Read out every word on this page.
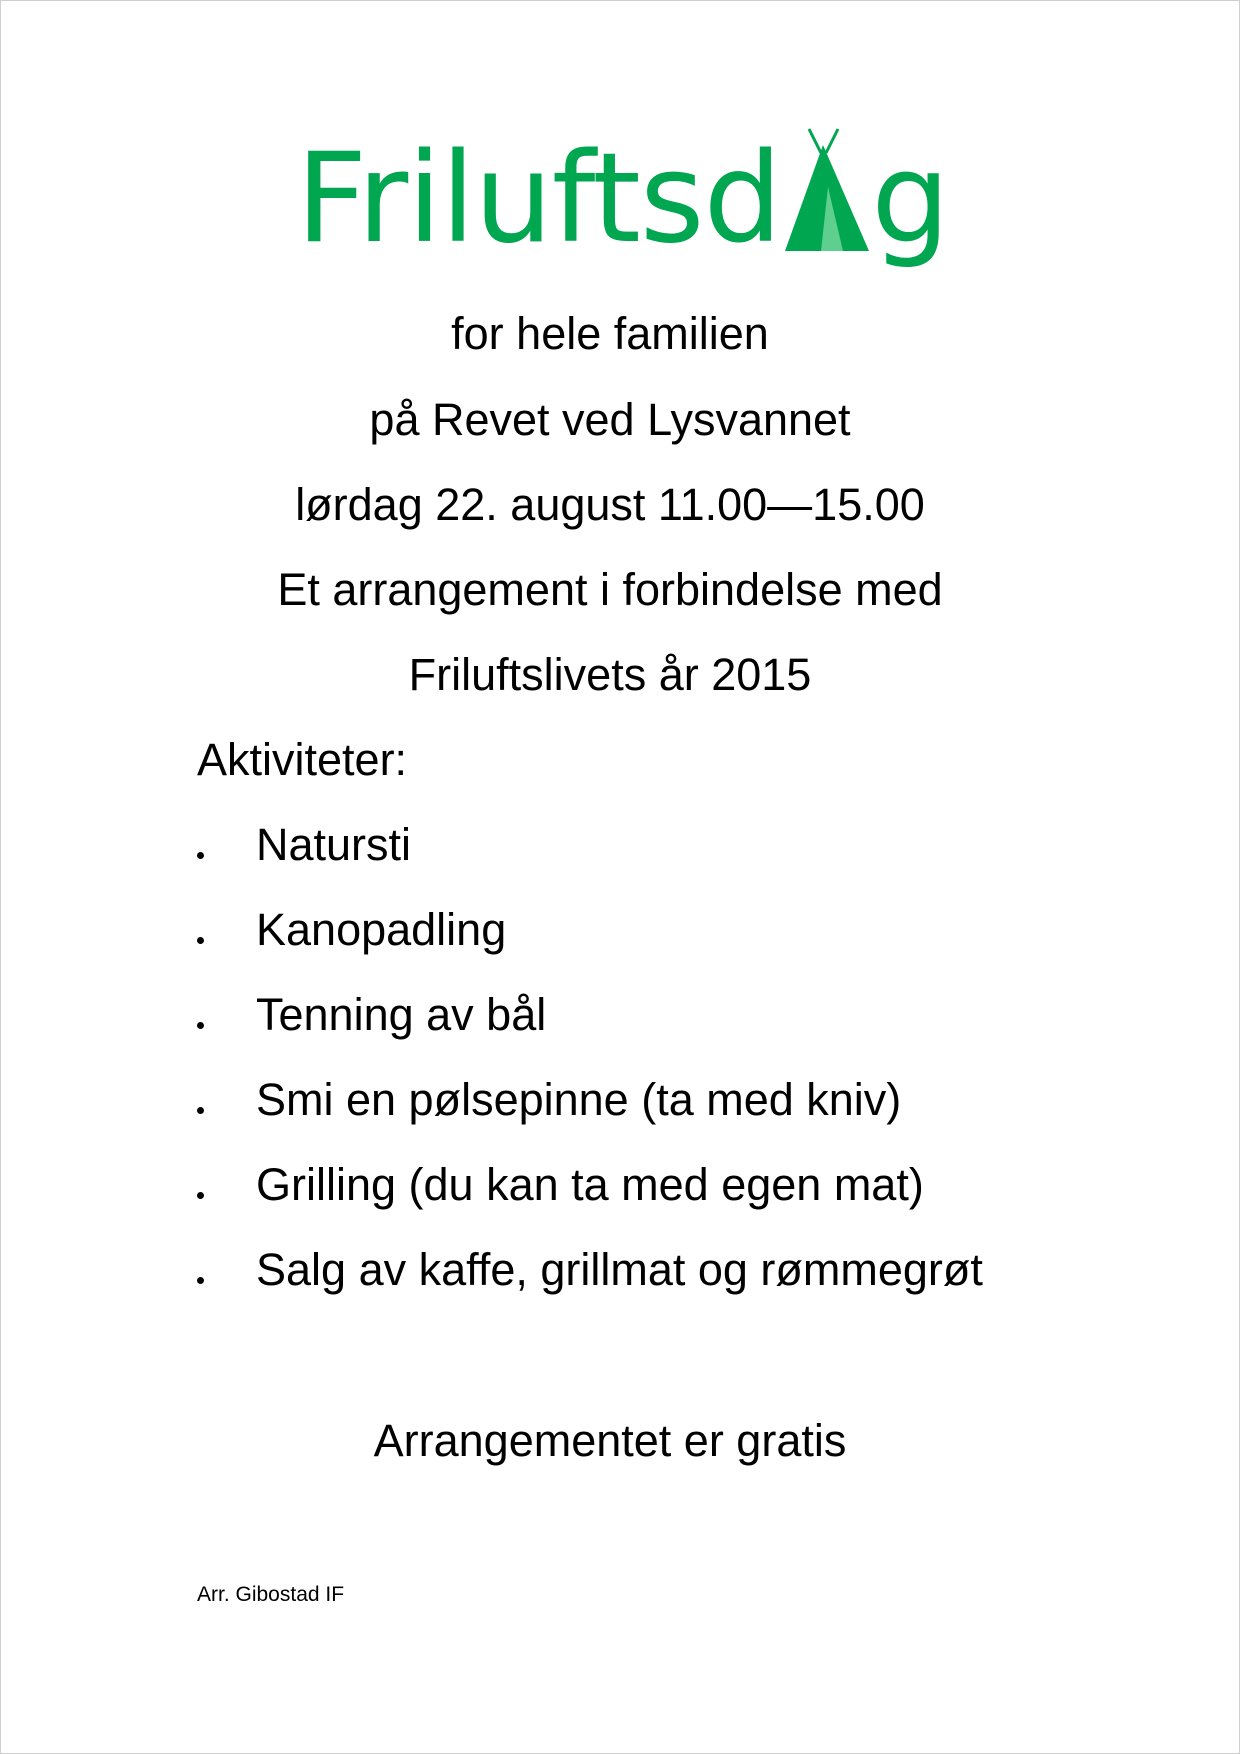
Friluftsd g
for hele familien
på Revet ved Lysvannet
lørdag 22. august 11.00—15.00
Et arrangement i forbindelse med
Friluftslivets år 2015
Aktiviteter:
Natursti
Kanopadling
Tenning av bål
Smi en pølsepinne (ta med kniv)
Grilling (du kan ta med egen mat)
Salg av kaffe, grillmat og rømmegrøt
Arrangementet er gratis
Arr. Gibostad IF
